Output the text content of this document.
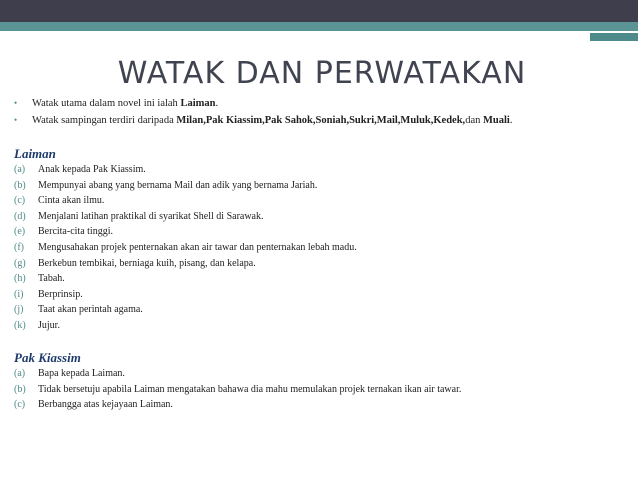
WATAK DAN PERWATAKAN
•	Watak utama dalam novel ini ialah Laiman.
•	Watak sampingan terdiri daripada Milan,Pak Kiassim,Pak Sahok,Soniah,Sukri,Mail,Muluk,Kedek,dan Muali.
Laiman
(a)	Anak kepada Pak Kiassim.
(b)	Mempunyai abang yang bernama Mail dan adik yang bernama Jariah.
(c)	Cinta akan ilmu.
(d)	Menjalani latihan praktikal di syarikat Shell di Sarawak.
(e)	Bercita-cita tinggi.
(f)	Mengusahakan projek penternakan akan air tawar dan penternakan lebah madu.
(g)	Berkebun tembikai, berniaga kuih, pisang, dan kelapa.
(h)	Tabah.
(i)	Berprinsip.
(j)	Taat akan perintah agama.
(k)	Jujur.
Pak Kiassim
(a)	Bapa kepada Laiman.
(b)	Tidak bersetuju apabila Laiman mengatakan bahawa dia mahu memulakan projek ternakan ikan air tawar.
(c)	Berbangga atas kejayaan Laiman.
